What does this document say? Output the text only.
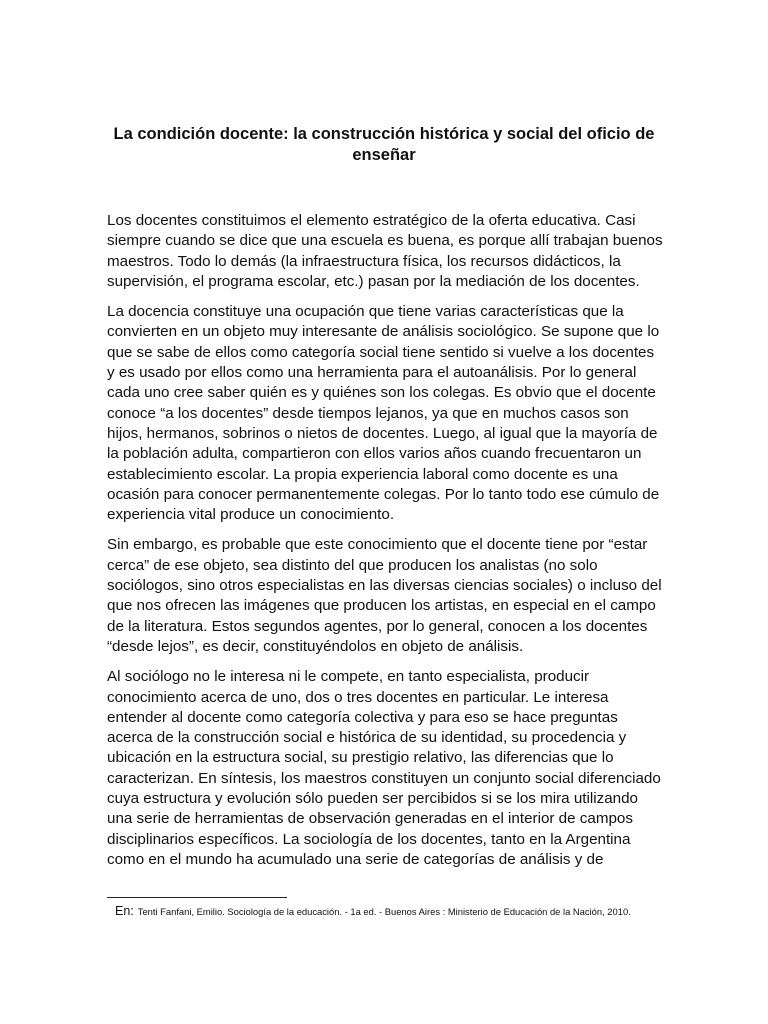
La condición docente: la construcción histórica y social del oficio de enseñar

Los docentes constituimos el elemento estratégico de la oferta educativa. Casi siempre cuando se dice que una escuela es buena, es porque allí trabajan buenos maestros. Todo lo demás (la infraestructura física, los recursos didácticos, la supervisión, el programa escolar, etc.) pasan por la mediación de los docentes.

La docencia constituye una ocupación que tiene varias características que la convierten en un objeto muy interesante de análisis sociológico. Se supone que lo que se sabe de ellos como categoría social tiene sentido si vuelve a los docentes y es usado por ellos como una herramienta para el autoanálisis. Por lo general cada uno cree saber quién es y quiénes son los colegas. Es obvio que el docente conoce “a los docentes” desde tiempos lejanos, ya que en muchos casos son hijos, hermanos, sobrinos o nietos de docentes. Luego, al igual que la mayoría de la población adulta, compartieron con ellos varios años cuando frecuentaron un establecimiento escolar. La propia experiencia laboral como docente es una ocasión para conocer permanentemente colegas. Por lo tanto todo ese cúmulo de experiencia vital produce un conocimiento.

Sin embargo, es probable que este conocimiento que el docente tiene por “estar cerca” de ese objeto, sea distinto del que producen los analistas (no solo sociólogos, sino otros especialistas en las diversas ciencias sociales) o incluso del que nos ofrecen las imágenes que producen los artistas, en especial en el campo de la literatura. Estos segundos agentes, por lo general, conocen a los docentes “desde lejos”, es decir, constituyéndolos en objeto de análisis.

Al sociólogo no le interesa ni le compete, en tanto especialista, producir conocimiento acerca de uno, dos o tres docentes en particular. Le interesa entender al docente como categoría colectiva y para eso se hace preguntas acerca de la construcción social e histórica de su identidad, su procedencia y ubicación en la estructura social, su prestigio relativo, las diferencias que lo caracterizan. En síntesis, los maestros constituyen un conjunto social diferenciado cuya estructura y evolución sólo pueden ser percibidos si se los mira utilizando una serie de herramientas de observación generadas en el interior de campos disciplinarios específicos. La sociología de los docentes, tanto en la Argentina como en el mundo ha acumulado una serie de categorías de análisis y de

En: Tenti Fanfani, Emilio. Sociología de la educación. - 1a ed. - Buenos Aires : Ministerio de Educación de la Nación, 2010.
